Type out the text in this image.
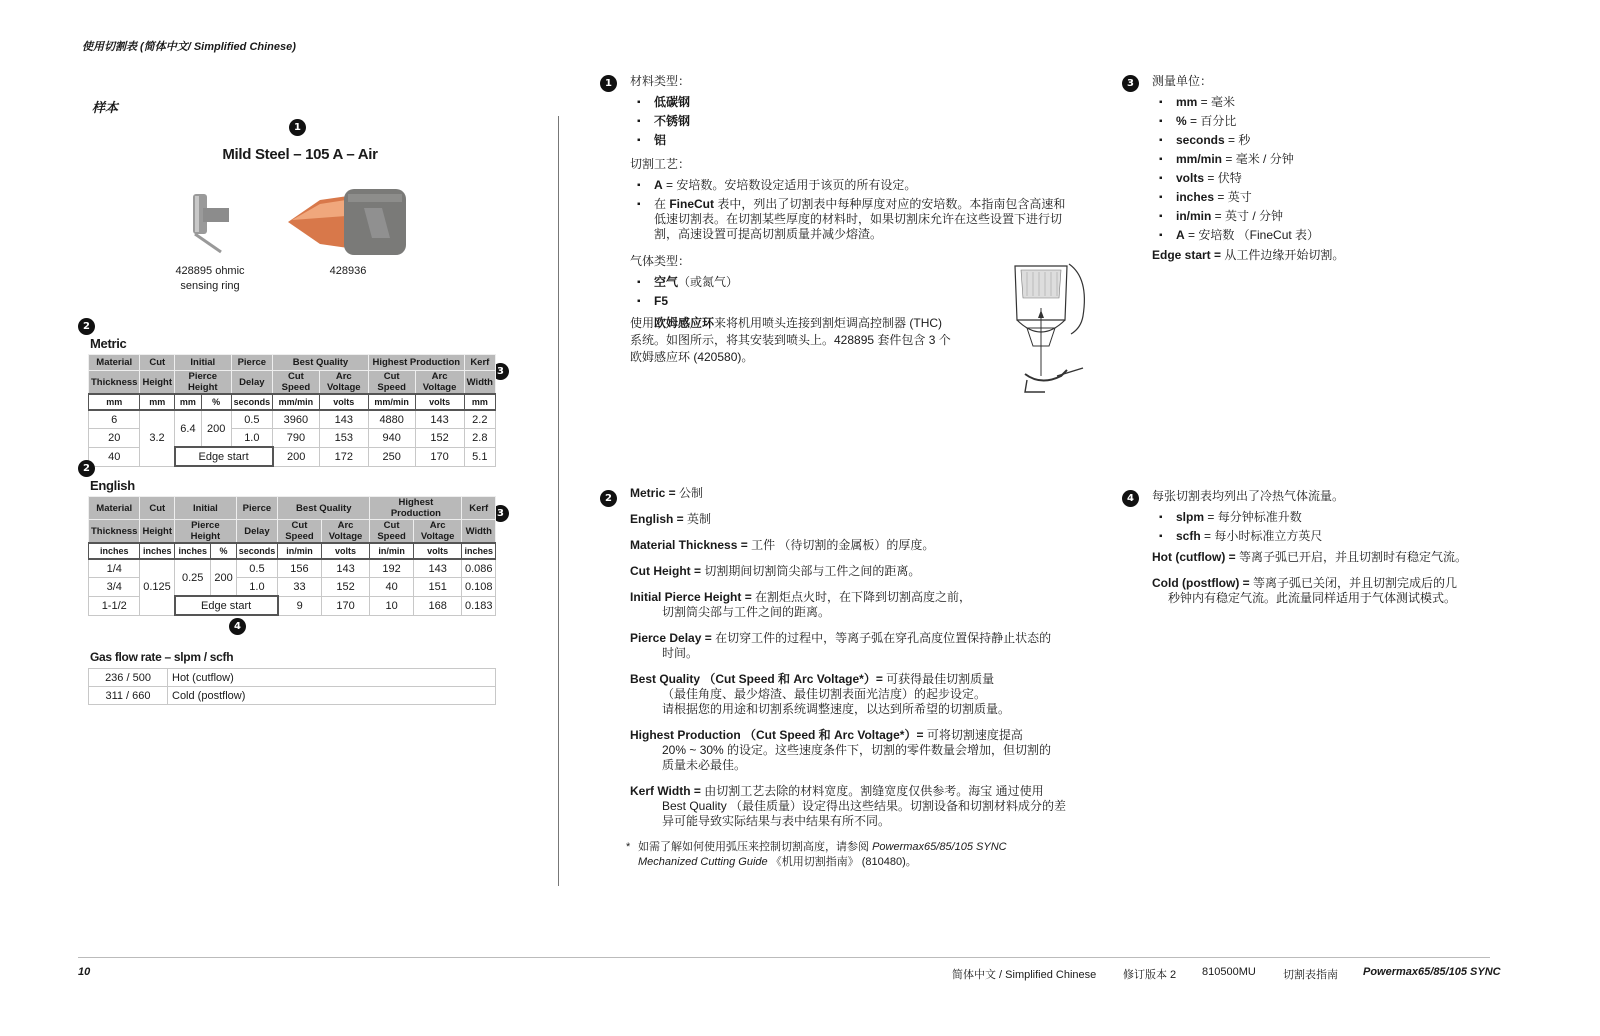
使用切割表 (简体中文/ Simplified Chinese)
样本
1
Mild Steel – 105 A – Air
428895 ohmic
sensing ring
428936
2
Metric
3
Material	Cut	Initial		Pierce	Best Quality		Highest Production		Kerf
Thickness	Height	Pierce Height		Delay	Cut Speed	Arc Voltage	Cut Speed	Arc Voltage	Width
mm	mm	mm	%	seconds	mm/min	volts	mm/min	volts	mm
6	3.2	6.4	200	0.5	3960	143	4880	143	2.2
20				1.0	790	153	940	152	2.8
40		Edge start			200	172	250	170	5.1
2
English
3
Material	Cut	Initial		Pierce	Best Quality		Highest Production		Kerf
Thickness	Height	Pierce Height		Delay	Cut Speed	Arc Voltage	Cut Speed	Arc Voltage	Width
inches	inches	inches	%	seconds	in/min	volts	in/min	volts	inches
1/4	0.125	0.25	200	0.5	156	143	192	143	0.086
3/4				1.0	33	152	40	151	0.108
1-1/2		Edge start			9	170	10	168	0.183
4
Gas flow rate – slpm / scfh
236 / 500	Hot (cutflow)
311 / 660	Cold (postflow)
1	材料类型：
▪ 低碳钢
▪ 不锈钢
▪ 铝
切割工艺：
▪ A = 安培数。安培数设定适用于该页的所有设定。
▪ 在 FineCut 表中，列出了切割表中每种厚度对应的安培数。本指南包含高速和
低速切割表。在切割某些厚度的材料时，如果切割床允许在这些设置下进行切
割，高速设置可提高切割质量并减少熔渣。
气体类型：
▪ 空气（或氮气）
▪ F5
使用欧姆感应环来将机用喷头连接到割炬调高控制器 (THC)
系统。如图所示，将其安装到喷头上。428895 套件包含 3 个
欧姆感应环 (420580)。
2	Metric = 公制
English = 英制
Material Thickness = 工件 （待切割的金属板）的厚度。
Cut Height = 切割期间切割筒尖部与工件之间的距离。
Initial Pierce Height = 在割炬点火时，在下降到切割高度之前，
切割筒尖部与工件之间的距离。
Pierce Delay = 在切穿工件的过程中，等离子弧在穿孔高度位置保持静止状态的
时间。
Best Quality （Cut Speed 和 Arc Voltage*）= 可获得最佳切割质量
（最佳角度、最少熔渣、最佳切割表面光洁度）的起步设定。
请根据您的用途和切割系统调整速度，以达到所希望的切割质量。
Highest Production （Cut Speed 和 Arc Voltage*）= 可将切割速度提高
20% ~ 30% 的设定。这些速度条件下，切割的零件数量会增加，但切割的
质量未必最佳。
Kerf Width = 由切割工艺去除的材料宽度。割缝宽度仅供参考。海宝 通过使用
Best Quality （最佳质量）设定得出这些结果。切割设备和切割材料成分的差
异可能导致实际结果与表中结果有所不同。
* 如需了解如何使用弧压来控制切割高度，请参阅 Powermax65/85/105 SYNC
Mechanized Cutting Guide 《机用切割指南》 (810480)。
3	测量单位：
▪ mm = 毫米
▪ % = 百分比
▪ seconds = 秒
▪ mm/min = 毫米 / 分钟
▪ volts = 伏特
▪ inches = 英寸
▪ in/min = 英寸 / 分钟
▪ A = 安培数 （FineCut 表）
Edge start = 从工件边缘开始切割。
4	每张切割表均列出了冷热气体流量。
▪ slpm = 每分钟标准升数
▪ scfh = 每小时标准立方英尺
Hot (cutflow) = 等离子弧已开启，并且切割时有稳定气流。
Cold (postflow) = 等离子弧已关闭，并且切割完成后的几
秒钟内有稳定气流。此流量同样适用于气体测试模式。
10	简体中文 / Simplified Chinese 修订版本 2 810500MU 切割表指南 Powermax65/85/105 SYNC
